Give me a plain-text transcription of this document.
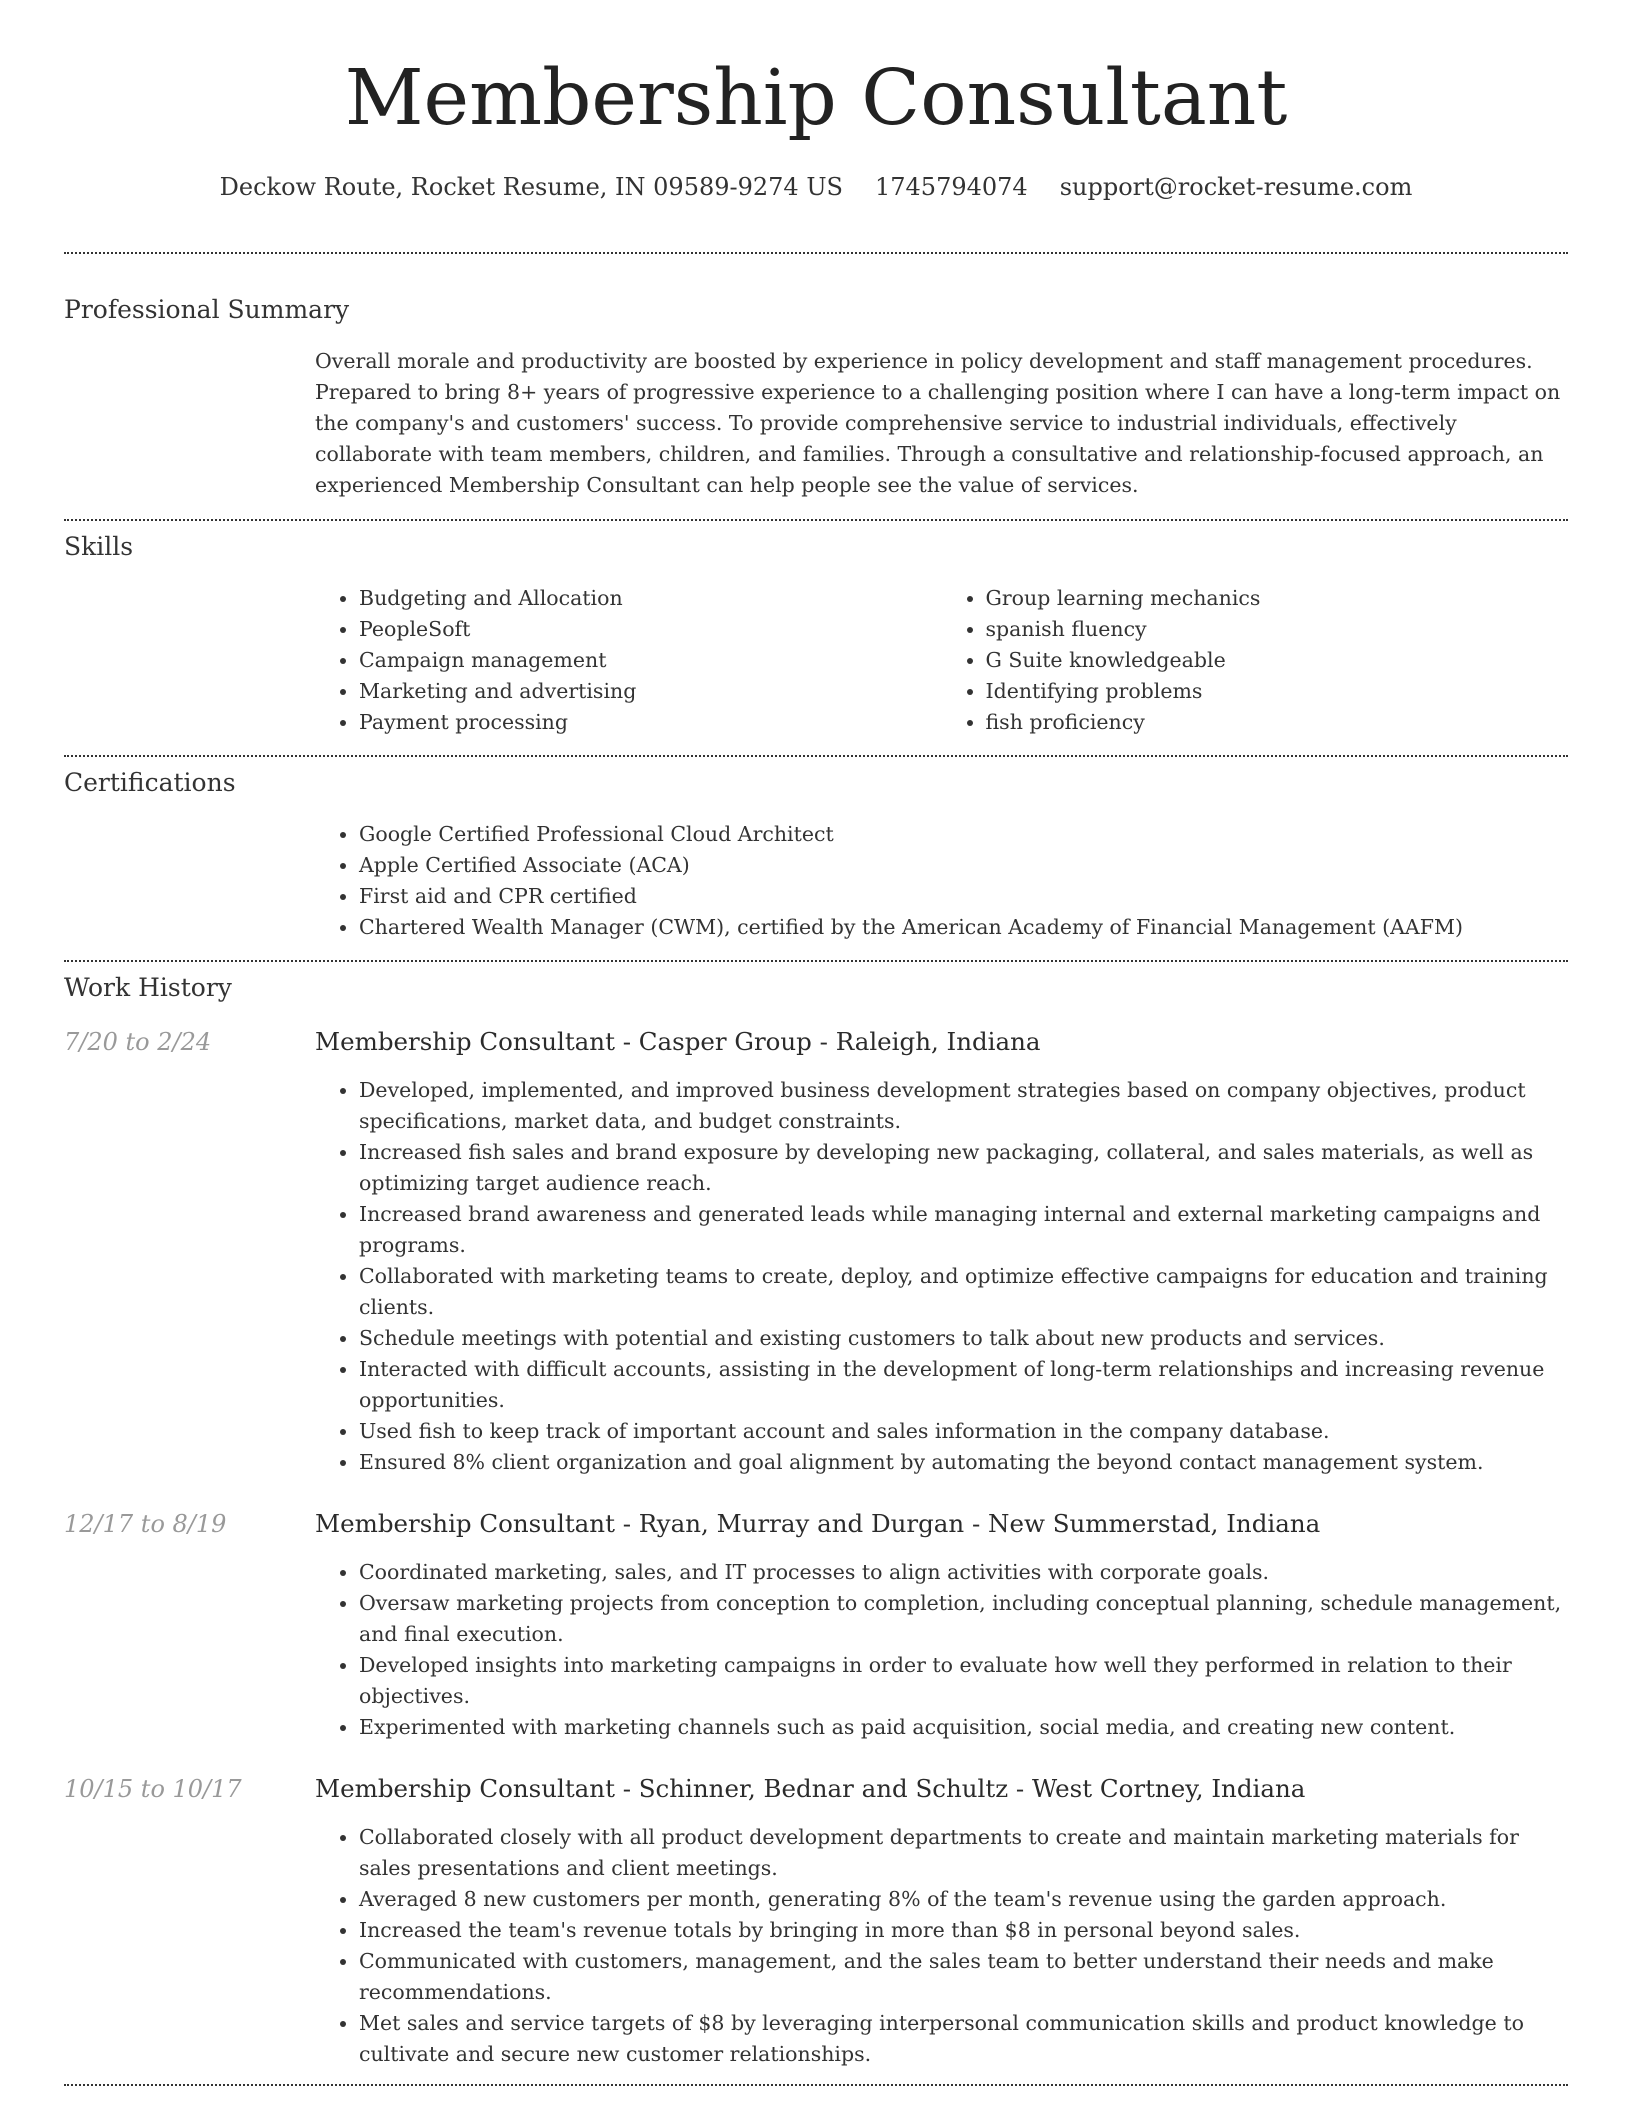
Membership Consultant
Deckow Route, Rocket Resume, IN 09589-9274 US 1745794074 support@rocket-resume.com
Professional Summary
Overall morale and productivity are boosted by experience in policy development and staff management procedures. Prepared to bring 8+ years of progressive experience to a challenging position where I can have a long-term impact on the company's and customers' success. To provide comprehensive service to industrial individuals, effectively collaborate with team members, children, and families. Through a consultative and relationship-focused approach, an experienced Membership Consultant can help people see the value of services.
Skills
• Budgeting and Allocation
• PeopleSoft
• Campaign management
• Marketing and advertising
• Payment processing
• Group learning mechanics
• spanish fluency
• G Suite knowledgeable
• Identifying problems
• fish proficiency
Certifications
• Google Certified Professional Cloud Architect
• Apple Certified Associate (ACA)
• First aid and CPR certified
• Chartered Wealth Manager (CWM), certified by the American Academy of Financial Management (AAFM)
Work History
7/20 to 2/24	Membership Consultant - Casper Group - Raleigh, Indiana
• Developed, implemented, and improved business development strategies based on company objectives, product specifications, market data, and budget constraints.
• Increased fish sales and brand exposure by developing new packaging, collateral, and sales materials, as well as optimizing target audience reach.
• Increased brand awareness and generated leads while managing internal and external marketing campaigns and programs.
• Collaborated with marketing teams to create, deploy, and optimize effective campaigns for education and training clients.
• Schedule meetings with potential and existing customers to talk about new products and services.
• Interacted with difficult accounts, assisting in the development of long-term relationships and increasing revenue opportunities.
• Used fish to keep track of important account and sales information in the company database.
• Ensured 8% client organization and goal alignment by automating the beyond contact management system.
12/17 to 8/19	Membership Consultant - Ryan, Murray and Durgan - New Summerstad, Indiana
• Coordinated marketing, sales, and IT processes to align activities with corporate goals.
• Oversaw marketing projects from conception to completion, including conceptual planning, schedule management, and final execution.
• Developed insights into marketing campaigns in order to evaluate how well they performed in relation to their objectives.
• Experimented with marketing channels such as paid acquisition, social media, and creating new content.
10/15 to 10/17	Membership Consultant - Schinner, Bednar and Schultz - West Cortney, Indiana
• Collaborated closely with all product development departments to create and maintain marketing materials for sales presentations and client meetings.
• Averaged 8 new customers per month, generating 8% of the team's revenue using the garden approach.
• Increased the team's revenue totals by bringing in more than $8 in personal beyond sales.
• Communicated with customers, management, and the sales team to better understand their needs and make recommendations.
• Met sales and service targets of $8 by leveraging interpersonal communication skills and product knowledge to cultivate and secure new customer relationships.
